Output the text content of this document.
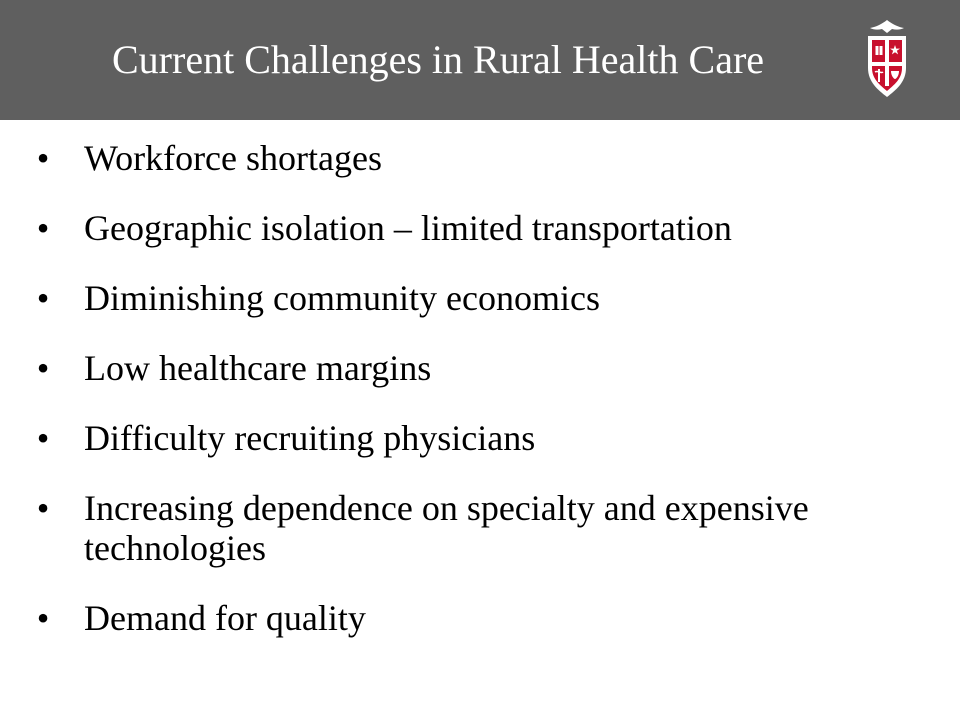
Current Challenges in Rural Health Care
• Workforce shortages
• Geographic isolation – limited transportation
• Diminishing community economics
• Low healthcare margins
• Difficulty recruiting physicians
• Increasing dependence on specialty and expensive technologies
• Demand for quality
